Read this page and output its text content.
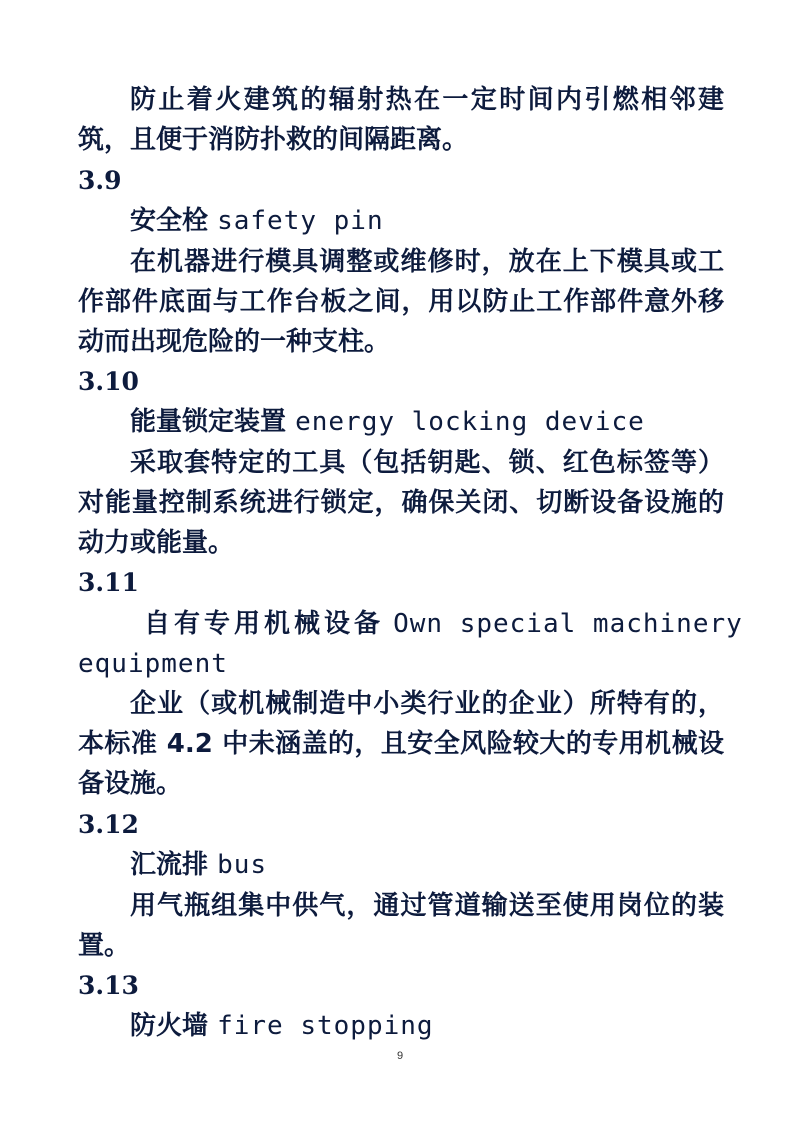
防止着火建筑的辐射热在一定时间内引燃相邻建
筑，且便于消防扑救的间隔距离。
3.9
安全栓 safety pin
在机器进行模具调整或维修时，放在上下模具或工
作部件底面与工作台板之间，用以防止工作部件意外移
动而出现危险的一种支柱。
3.10
能量锁定装置 energy locking device
采取套特定的工具（包括钥匙、锁、红色标签等）
对能量控制系统进行锁定，确保关闭、切断设备设施的
动力或能量。
3.11
自有专用机械设备 Own special machinery
equipment
企业（或机械制造中小类行业的企业）所特有的，
本标准 4.2 中未涵盖的，且安全风险较大的专用机械设
备设施。
3.12
汇流排 bus
用气瓶组集中供气，通过管道输送至使用岗位的装
置。
3.13
防火墙 fire stopping
9
